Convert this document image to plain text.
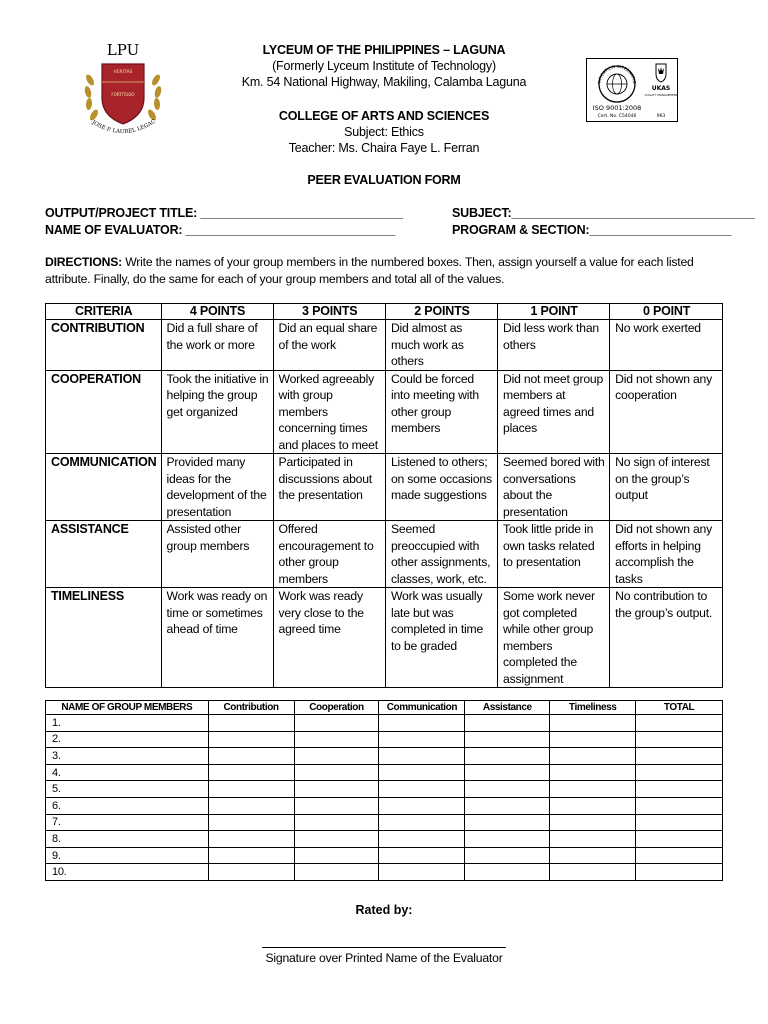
LPU
VERITAS
FORTITUDO
JOSE P. LAUREL LEGAC
TIFICATION INTERNATIO
ISO 9001:2008
Cert. No. C54046
UKAS
QUALITY MANAGEMENT
963
LYCEUM OF THE PHILIPPINES – LAGUNA
(Formerly Lyceum Institute of Technology)
Km. 54 National Highway, Makiling, Calamba Laguna
COLLEGE OF ARTS AND SCIENCES
Subject: Ethics
Teacher: Ms. Chaira Faye L. Ferran
PEER EVALUATION FORM
OUTPUT/PROJECT TITLE: ______________________________
NAME OF EVALUATOR: _______________________________
SUBJECT:____________________________________
PROGRAM & SECTION:_____________________
DIRECTIONS: Write the names of your group members in the numbered boxes. Then, assign yourself a value for each listed attribute. Finally, do the same for each of your group members and total all of the values.
CRITERIA	4 POINTS	3 POINTS	2 POINTS	1 POINT	0 POINT
CONTRIBUTION	Did a full share of the work or more	Did an equal share of the work	Did almost as much work as others	Did less work than others	No work exerted
COOPERATION	Took the initiative in helping the group get organized	Worked agreeably with group members concerning times and places to meet	Could be forced into meeting with other group members	Did not meet group members at agreed times and places	Did not shown any cooperation
COMMUNICATION	Provided many ideas for the development of the presentation	Participated in discussions about the presentation	Listened to others; on some occasions made suggestions	Seemed bored with conversations about the presentation	No sign of interest on the group’s output
ASSISTANCE	Assisted other group members	Offered encouragement to other group members	Seemed preoccupied with other assignments, classes, work, etc.	Took little pride in own tasks related to presentation	Did not shown any efforts in helping accomplish the tasks
TIMELINESS	Work was ready on time or sometimes ahead of time	Work was ready very close to the agreed time	Work was usually late but was completed in time to be graded	Some work never got completed while other group members completed the assignment	No contribution to the group’s output.
NAME OF GROUP MEMBERS	Contribution	Cooperation	Communication	Assistance	Timeliness	TOTAL
1.						
2.						
3.						
4.						
5.						
6.						
7.						
8.						
9.						
10.						
Rated by:
Signature over Printed Name of the Evaluator
